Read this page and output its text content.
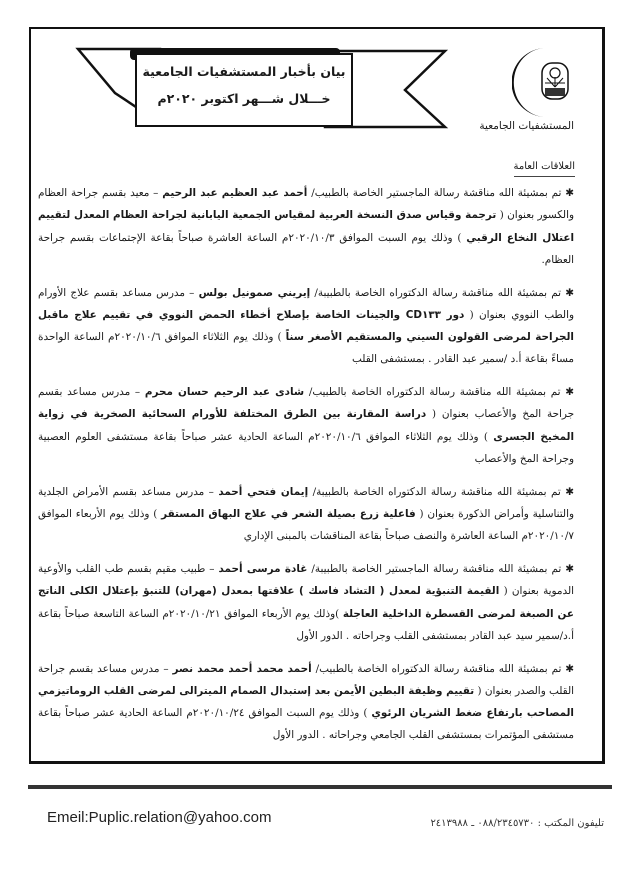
بيان بأخبار المستشفيات الجامعية
خـــلال شـــهر اكتوبر ٢٠٢٠م
المستشفيات الجامعية
العلاقات العامة

✱ تم بمشيئة الله مناقشة رسالة الماجستير الخاصة بالطبيب/ أحمد عبد العظيم عبد الرحيم – معيد بقسم جراحة العظام والكسور بعنوان ( ترجمة وقياس صدق النسخة العربية لمقياس الجمعية اليابانية لجراحة العظام المعدل لتقييم اعتلال النخاع الرقبي ) وذلك يوم السبت الموافق ٢٠٢٠/١٠/٣م الساعة العاشرة صباحاً بقاعة الإجتماعات بقسم جراحة العظام.

✱ تم بمشيئة الله مناقشة رسالة الدكتوراه الخاصة بالطبيبة/ إيريني صمونيل بولس – مدرس مساعد بقسم علاج الأورام والطب النووي بعنوان ( دور CD١٣٣ والجينات الخاصة بإصلاح أخطاء الحمض النووي في تقييم علاج ماقبل الجراحة لمرضى القولون السيني والمستقيم الأصغر سناً ) وذلك يوم الثلاثاء الموافق ٢٠٢٠/١٠/٦م الساعة الواحدة مساءً بقاعة أ.د /سمير عبد القادر . بمستشفى القلب

✱ تم بمشيئة الله مناقشة رسالة الدكتوراه الخاصة بالطبيب/ شادى عبد الرحيم حسان محرم – مدرس مساعد بقسم جراحة المخ والأعصاب بعنوان ( دراسة المقارنة بين الطرق المختلفة للأورام السحائية الصخرية في زواية المخيخ الجسرى ) وذلك يوم الثلاثاء الموافق ٢٠٢٠/١٠/٦م الساعة الحادية عشر صباحاً بقاعة مستشفى العلوم العصبية وجراحة المخ والأعصاب

✱ تم بمشيئة الله مناقشة رسالة الدكتوراه الخاصة بالطبيبة/ إيمان فتحي أحمد – مدرس مساعد بقسم الأمراض الجلدية والتناسلية وأمراض الذكورة بعنوان ( فاعلية زرع بصيلة الشعر في علاج البهاق المستقر ) وذلك يوم الأربعاء الموافق ٢٠٢٠/١٠/٧م الساعة العاشرة والنصف صباحاً بقاعة المناقشات بالمبنى الإداري

✱ تم بمشيئة الله مناقشة رسالة الماجستير الخاصة بالطبيبة/ غادة مرسى أحمد – طبيب مقيم بقسم طب القلب والأوعية الدموية بعنوان ( القيمة التنبؤية لمعدل ( التشاد فاسك ) علاقتها بمعدل (مهران) للتنبؤ بإعتلال الكلى الناتج عن الصبغة لمرضى القسطرة الداخلية العاجلة )وذلك يوم الأربعاء الموافق ٢٠٢٠/١٠/٢١م الساعة التاسعة صباحاً بقاعة أ.د/سمير سيد عبد القادر بمستشفى القلب وجراحاته . الدور الأول

✱ تم بمشيئة الله مناقشة رسالة الدكتوراه الخاصة بالطبيب/ أحمد محمد أحمد محمد نصر – مدرس مساعد بقسم جراحة القلب والصدر بعنوان ( تقييم وظيفة البطين الأيمن بعد إستبدال الصمام الميترالى لمرضى القلب الروماتيزمي المصاحب بارتفاع ضغط الشريان الرئوي ) وذلك يوم السبت الموافق ٢٠٢٠/١٠/٢٤م الساعة الحادية عشر صباحاً بقاعة مستشفى المؤتمرات بمستشفى القلب الجامعي وجراحاته . الدور الأول

Emeil:Puplic.relation@yahoo.com	تليفون المكتب : ٠٨٨/٢٣٤٥٧٣٠ ـ ٢٤١٣٩٨٨
